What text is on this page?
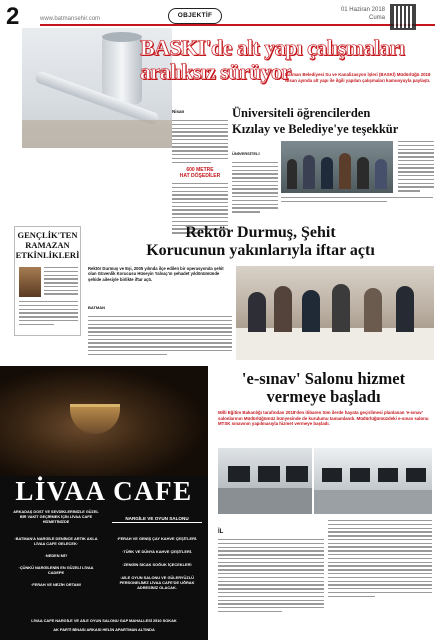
2	www.batmansehir.com	OBJEKTİF
01 Haziran 2018
Cuma
BASKI'de alt yapı çalışmaları
aralıksız sürüyor
Batman Belediyesi Su ve Kanalizasyon İşleri (BASKİ) Müdürlüğü 2018 Nisan ayında alt yapı ile ilgili yapılan çalışmaları kamuoyuyla paylaştı.
Nisan
600 METRE
HAT DÖŞEDİLER
Üniversiteli öğrencilerden
Kızılay ve Belediye'ye teşekkür
ÜNİVERSİTELİ
GENÇLİK'TEN
RAMAZAN
ETKİNLİKLERİ
Rektör Durmuş, Şehit
Korucunun yakınlarıyla iftar açtı
Rektör Durmuş ve Eşi, 2005 yılında ilçe edilen bir operasyonda şehit olan Güvenlik Korucusu Hüseyin Yalvaç'ın şehadet yıldönümünde şehide ailesiyle birlikte iftar açtı.
BATMAN
LİVAA CAFE
ARKADAŞ DOST VE SEVDİKLERİNİZLE GÜZEL BİR VAKİT GEÇİRMEK İÇİN LİVAA CAFE HİZMETİNİZDE
NARGİLE VE OYUN SALONU
·BATMAN'A NARGİLE DENİNCE ARTIK AKLA LİVAA CAFE GELECEK·
·NEDEN Mİ?
·ÇÜNKÜ NARGİLENİN EN GÜZELİ LİVAA CADEPE
·FERAH VE NEZİH ORTAM!
·FERAH VE GENİŞ ÇAY KAHVE ÇEŞİTLERİ.
·TÜRK VE DÜNYA KAHVE ÇEŞİTLERİ.
·ZENGİN SICAK SOĞUK İÇECEKLER!
·AİLE OYUN SALONU VE GÜLERYÜZLÜ PERSONELİMİZ LİVAA CAFE'DE UĞRAK ADRESİNİZ OLACAK.
LİVAA CAFE NARGİLE VE AİLE OYUN SALONU GAP MAHALLESİ 2510 SOKAK
AK PARTİ BİNASI ARKASI HELİN APARTMAN ALTINDA
'e-sınav' Salonu hizmet
vermeye başladı
Milli Eğitim Bakanlığı tarafından 2018'den itibaren tüm ilerde hayata geçirilmesi planlanan 'e-sınav' salonlarının Müdürlüğümüz bünyesinde de kurulumu tamamlandı. Müdürlüğümüzdeki e-sınav salonu MTSK sınavının yapılmasıyla hizmet vermeye başladı.
İL
